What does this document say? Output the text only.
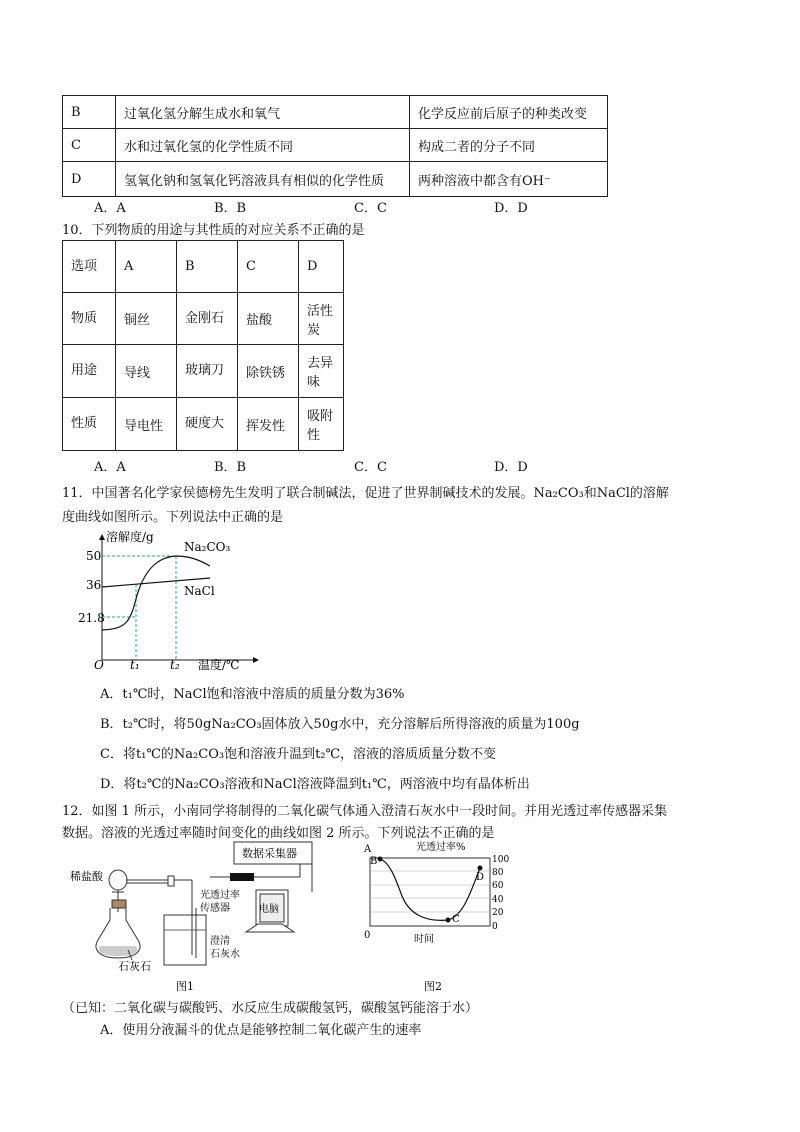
B	过氧化氢分解生成水和氧气	化学反应前后原子的种类改变
C	水和过氧化氢的化学性质不同	构成二者的分子不同
D	氢氧化钠和氢氧化钙溶液具有相似的化学性质	两种溶液中都含有OH⁻
A．A	B．B	C．C	D．D
10．下列物质的用途与其性质的对应关系不正确的是
选项	A	B	C	D
物质	铜丝	金刚石	盐酸	活性炭
用途	导线	玻璃刀	除铁锈	去异味
性质	导电性	硬度大	挥发性	吸附性
A．A	B．B	C．C	D．D
11．中国著名化学家侯德榜先生发明了联合制碱法，促进了世界制碱技术的发展。Na₂CO₃和NaCl的溶解
度曲线如图所示。下列说法中正确的是
溶解度/g
50
36
21.8
Na₂CO₃
NaCl
O t₁	t₂ 温度/℃
A．t₁℃时，NaCl饱和溶液中溶质的质量分数为36%
B．t₂℃时，将50gNa₂CO₃固体放入50g水中，充分溶解后所得溶液的质量为100g
C．将t₁℃的Na₂CO₃饱和溶液升温到t₂℃，溶液的溶质质量分数不变
D．将t₂℃的Na₂CO₃溶液和NaCl溶液降温到t₁℃，两溶液中均有晶体析出
12．如图 1 所示，小南同学将制得的二氧化碳气体通入澄清石灰水中一段时间。并用光透过率传感器采集
数据。溶液的光透过率随时间变化的曲线如图 2 所示。下列说法不正确的是
稀盐酸
石灰石
光透过率
传感器
数据采集器
电脑
澄清
石灰水
图1
光透过率%
100
80
60
40
20
0
A
B
C
D
0	时间
图2
（已知：二氧化碳与碳酸钙、水反应生成碳酸氢钙，碳酸氢钙能溶于水）
A．使用分液漏斗的优点是能够控制二氧化碳产生的速率
